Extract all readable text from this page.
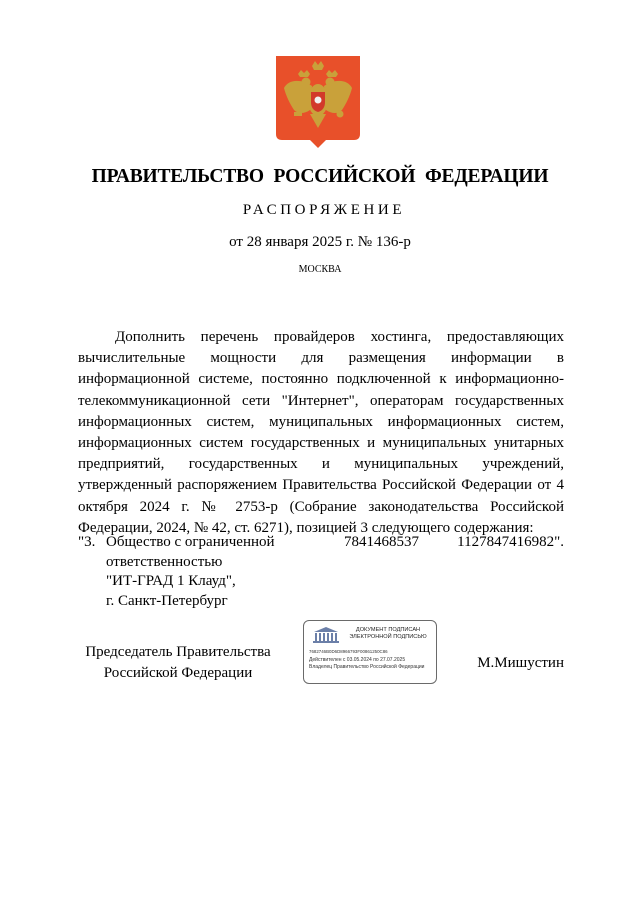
ПРАВИТЕЛЬСТВО РОССИЙСКОЙ ФЕДЕРАЦИИ
РАСПОРЯЖЕНИЕ
от 28 января 2025 г. № 136-р
МОСКВА
Дополнить перечень провайдеров хостинга, предоставляющих вычислительные мощности для размещения информации в информационной системе, постоянно подключенной к информационно-телекоммуникационной сети "Интернет", операторам государственных информационных систем, муниципальных информационных систем, информационных систем государственных и муниципальных унитарных предприятий, государственных и муниципальных учреждений, утвержденный распоряжением Правительства Российской Федерации от 4 октября 2024 г. № 2753-р (Собрание законодательства Российской Федерации, 2024, № 42, ст. 6271), позицией 3 следующего содержания:
"3. Общество с ограниченной
ответственностью
"ИТ-ГРАД 1 Клауд",
г. Санкт-Петербург
7841468537	1127847416982".
Председатель Правительства
Российской Федерации
ДОКУМЕНТ ПОДПИСАН
ЭЛЕКТРОННОЙ ПОДПИСЬЮ
7682746B0D6D8966793F00861250C86
Действителен с 03.05.2024 по 27.07.2025
Владелец Правительство Российской Федерации	М.Мишустин
